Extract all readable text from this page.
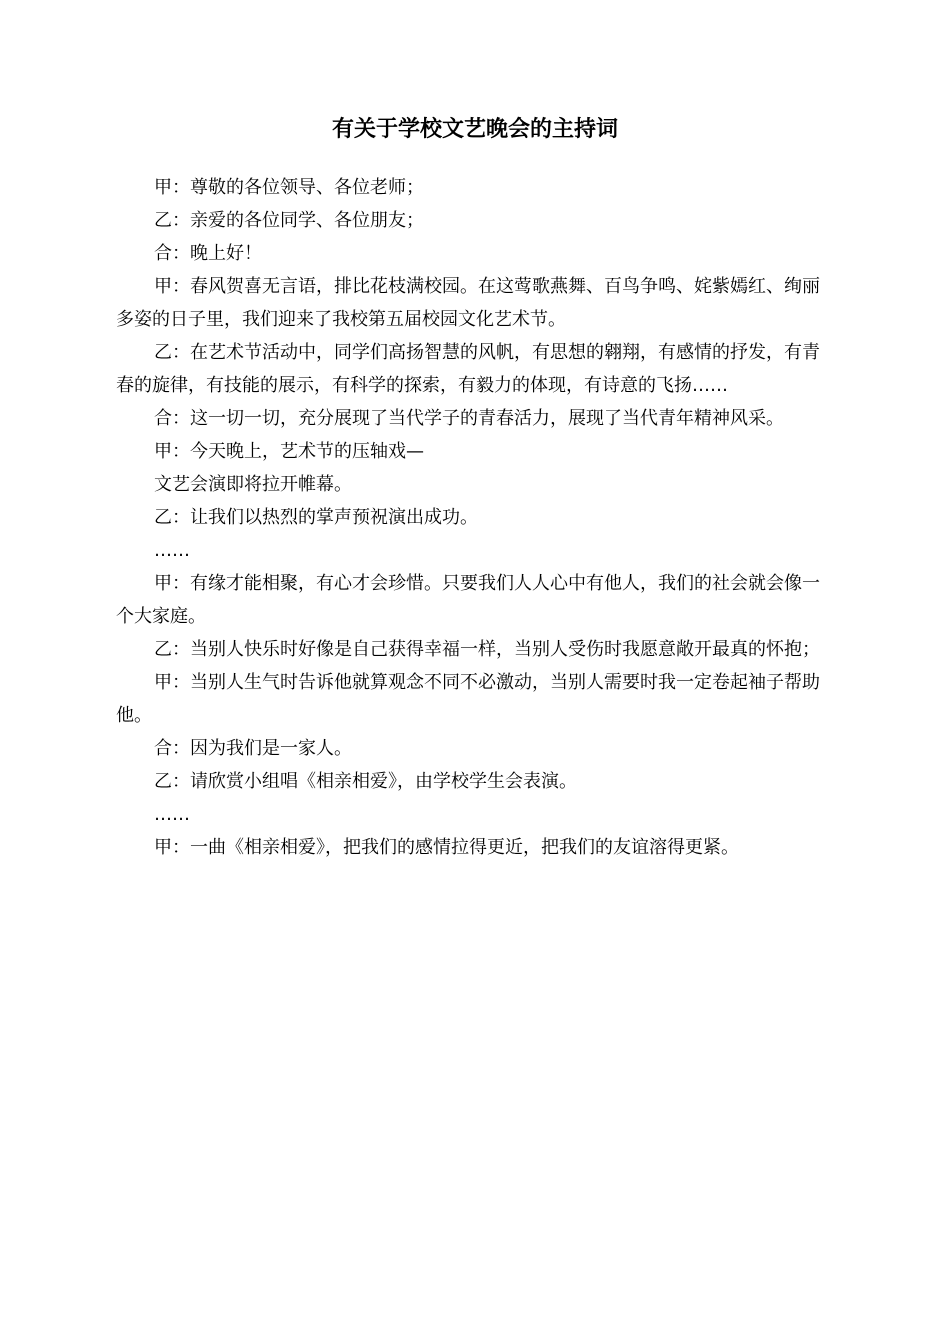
有关于学校文艺晚会的主持词

甲：尊敬的各位领导、各位老师；

乙：亲爱的各位同学、各位朋友；

合：晚上好！

甲：春风贺喜无言语，排比花枝满校园。在这莺歌燕舞、百鸟争鸣、姹紫嫣红、绚丽多姿的日子里，我们迎来了我校第五届校园文化艺术节。

乙：在艺术节活动中，同学们高扬智慧的风帆，有思想的翱翔，有感情的抒发，有青春的旋律，有技能的展示，有科学的探索，有毅力的体现，有诗意的飞扬……

合：这一切一切，充分展现了当代学子的青春活力，展现了当代青年精神风采。

甲：今天晚上，艺术节的压轴戏—

文艺会演即将拉开帷幕。

乙：让我们以热烈的掌声预祝演出成功。

……

甲：有缘才能相聚，有心才会珍惜。只要我们人人心中有他人，我们的社会就会像一个大家庭。

乙：当别人快乐时好像是自己获得幸福一样，当别人受伤时我愿意敞开最真的怀抱；

甲：当别人生气时告诉他就算观念不同不必激动，当别人需要时我一定卷起袖子帮助他。

合：因为我们是一家人。

乙：请欣赏小组唱《相亲相爱》，由学校学生会表演。

……

甲：一曲《相亲相爱》，把我们的感情拉得更近，把我们的友谊溶得更紧。
